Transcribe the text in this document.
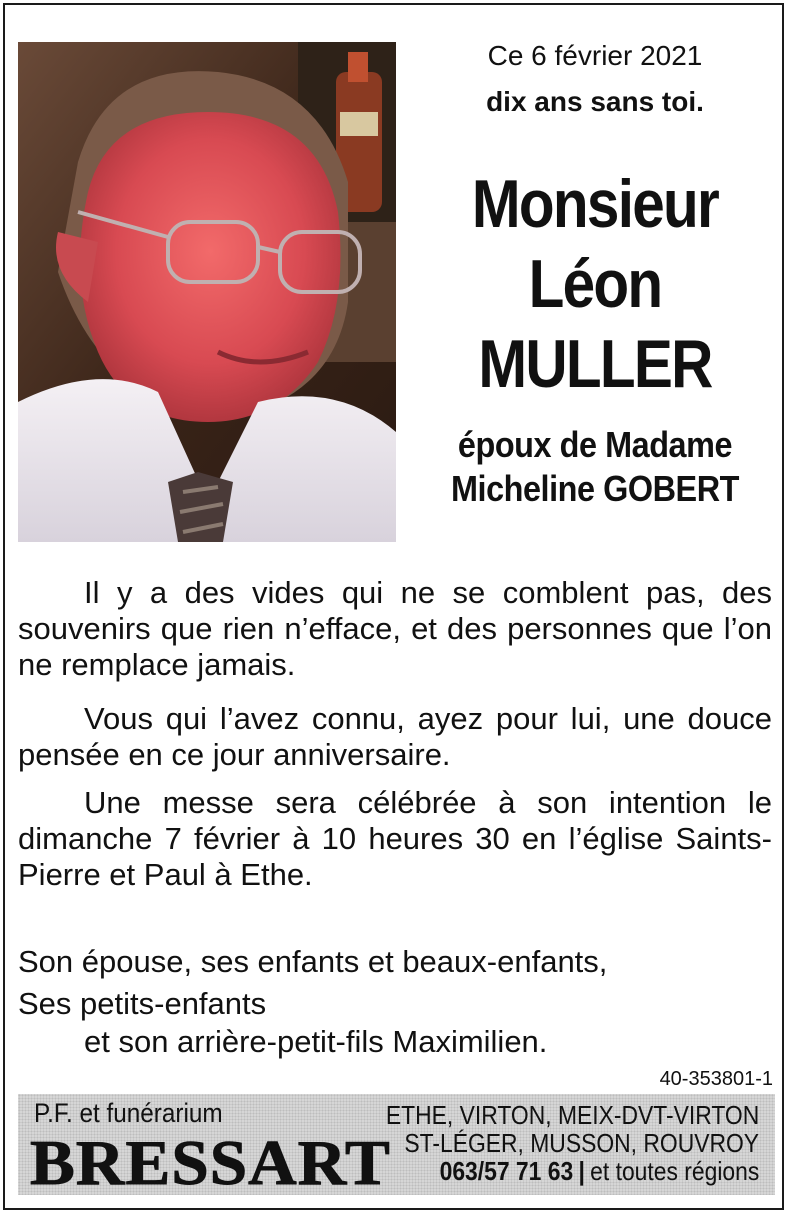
Ce 6 février 2021
dix ans sans toi.
Monsieur
Léon
MULLER
époux de Madame
Micheline GOBERT
Il y a des vides qui ne se comblent pas, des souvenirs que rien n’efface, et des personnes que l’on ne remplace jamais.
Vous qui l’avez connu, ayez pour lui, une douce pensée en ce jour anniversaire.
Une messe sera célébrée à son intention le dimanche 7 février à 10 heures 30 en l’église Saints-Pierre et Paul à Ethe.
Son épouse, ses enfants et beaux-enfants,
Ses petits-enfants
et son arrière-petit-fils Maximilien.
40-353801-1
P.F. et funérarium
BRESSART
ETHE, VIRTON, MEIX-DVT-VIRTON
ST-LÉGER, MUSSON, ROUVROY
063/57 71 63 | et toutes régions
